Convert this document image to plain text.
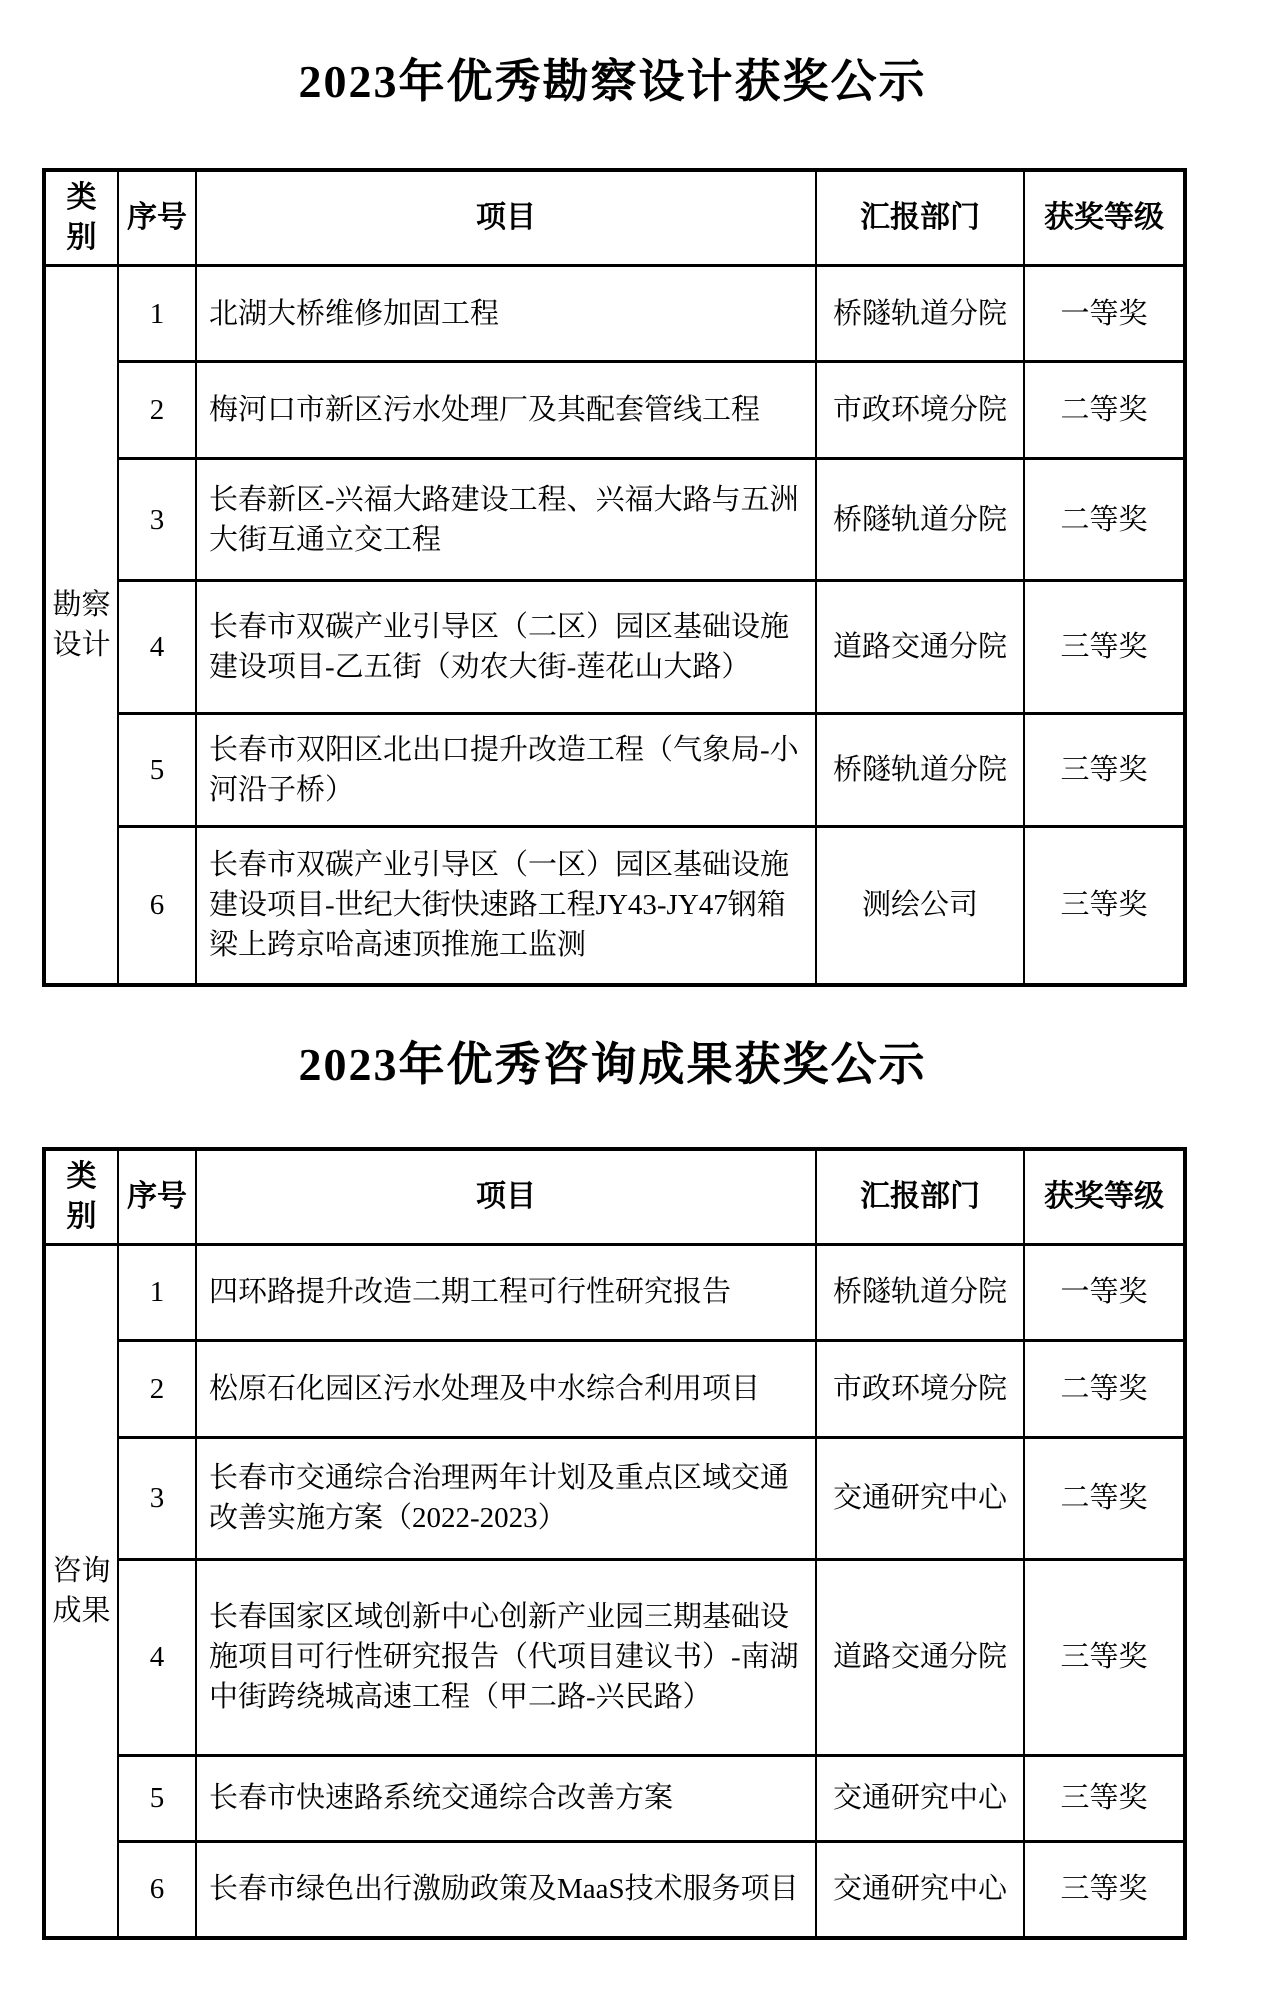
2023年优秀勘察设计获奖公示
类别	序号	项目	汇报部门	获奖等级
勘察设计	1	北湖大桥维修加固工程	桥隧轨道分院	一等奖
	2	梅河口市新区污水处理厂及其配套管线工程	市政环境分院	二等奖
	3	长春新区-兴福大路建设工程、兴福大路与五洲大街互通立交工程	桥隧轨道分院	二等奖
	4	长春市双碳产业引导区（二区）园区基础设施建设项目-乙五街（劝农大街-莲花山大路）	道路交通分院	三等奖
	5	长春市双阳区北出口提升改造工程（气象局-小河沿子桥）	桥隧轨道分院	三等奖
	6	长春市双碳产业引导区（一区）园区基础设施建设项目-世纪大街快速路工程JY43-JY47钢箱梁上跨京哈高速顶推施工监测	测绘公司	三等奖
2023年优秀咨询成果获奖公示
类别	序号	项目	汇报部门	获奖等级
咨询成果	1	四环路提升改造二期工程可行性研究报告	桥隧轨道分院	一等奖
	2	松原石化园区污水处理及中水综合利用项目	市政环境分院	二等奖
	3	长春市交通综合治理两年计划及重点区域交通改善实施方案（2022-2023）	交通研究中心	二等奖
	4	长春国家区域创新中心创新产业园三期基础设施项目可行性研究报告（代项目建议书）-南湖中街跨绕城高速工程（甲二路-兴民路）	道路交通分院	三等奖
	5	长春市快速路系统交通综合改善方案	交通研究中心	三等奖
	6	长春市绿色出行激励政策及MaaS技术服务项目	交通研究中心	三等奖
